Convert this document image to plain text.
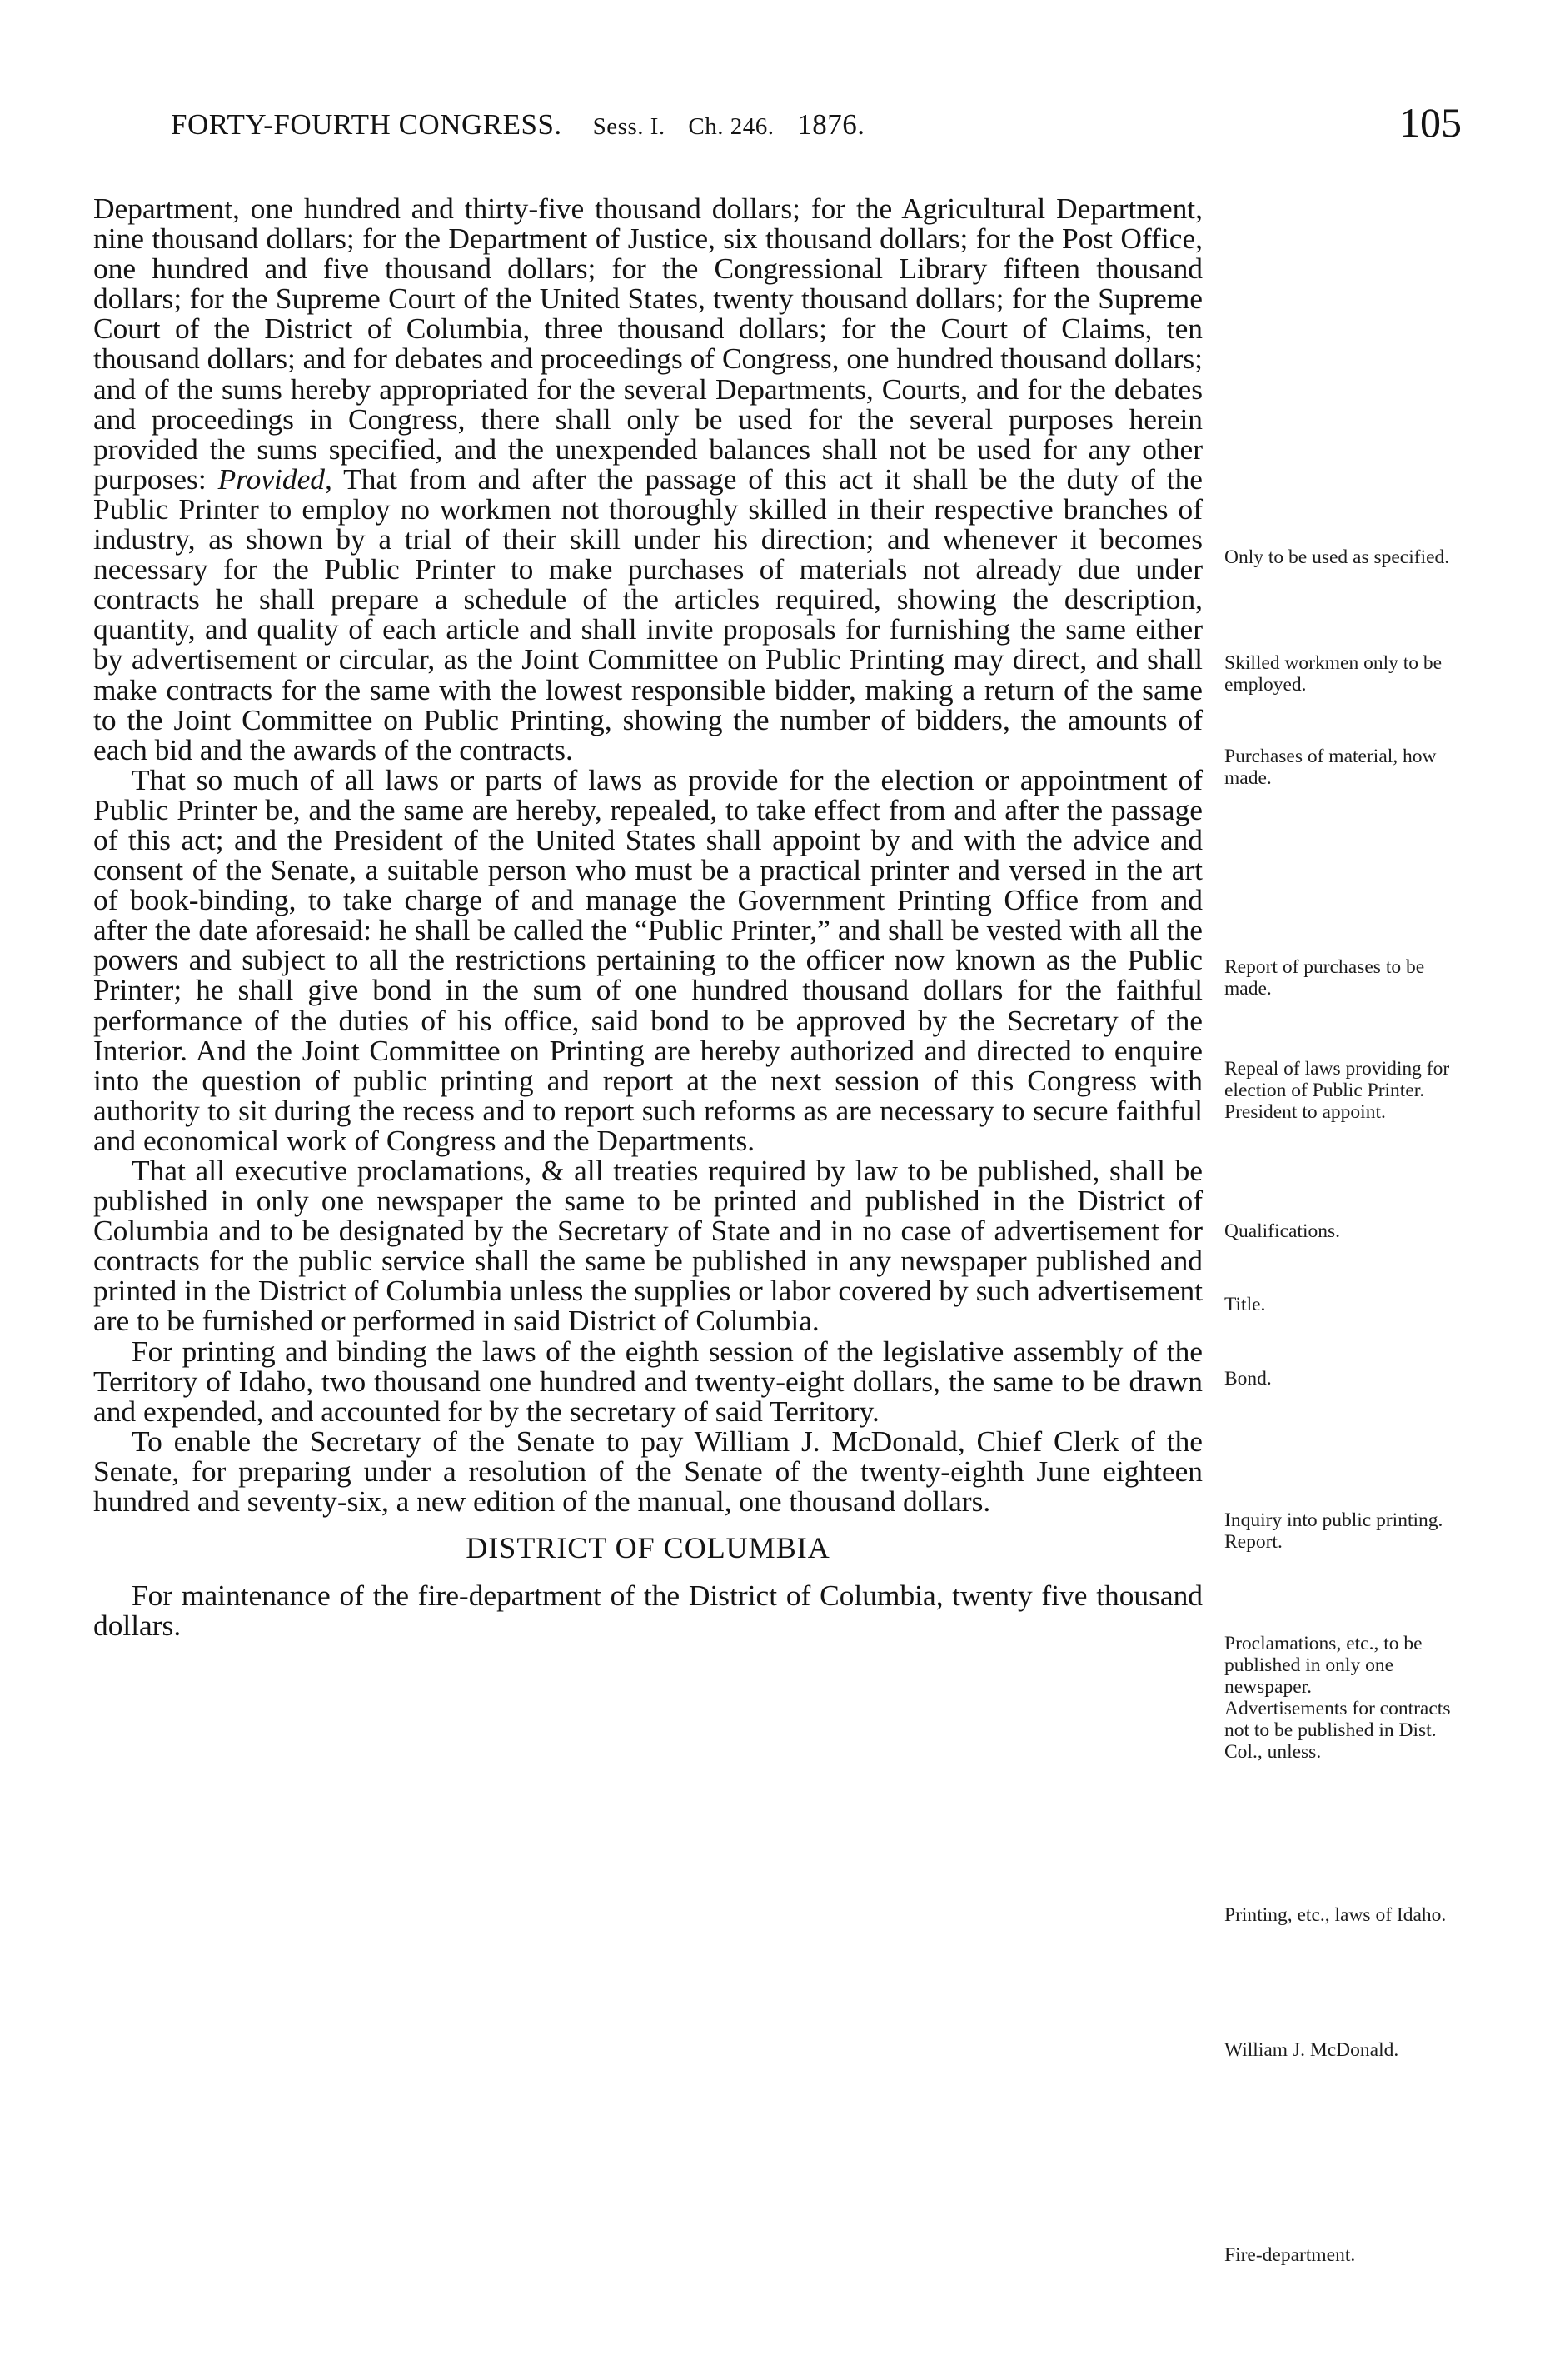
FORTY-FOURTH CONGRESS. Sess. I. Ch. 246. 1876.	105

Department, one hundred and thirty-five thousand dollars; for the Agricultural Department, nine thousand dollars; for the Department of Justice, six thousand dollars; for the Post Office, one hundred and five thousand dollars; for the Congressional Library fifteen thousand dollars; for the Supreme Court of the United States, twenty thousand dollars; for the Supreme Court of the District of Columbia, three thousand dollars; for the Court of Claims, ten thousand dollars; and for debates and proceedings of Congress, one hundred thousand dollars; and of the sums hereby appropriated for the several Departments, Courts, and for the debates and proceedings in Congress, there shall only be used for the several purposes herein provided the sums specified, and the unexpended balances shall not be used for any other purposes: Provided, That from and after the passage of this act it shall be the duty of the Public Printer to employ no workmen not thoroughly skilled in their respective branches of industry, as shown by a trial of their skill under his direction; and whenever it becomes necessary for the Public Printer to make purchases of materials not already due under contracts he shall prepare a schedule of the articles required, showing the description, quantity, and quality of each article and shall invite proposals for furnishing the same either by advertisement or circular, as the Joint Committee on Public Printing may direct, and shall make contracts for the same with the lowest responsible bidder, making a return of the same to the Joint Committee on Public Printing, showing the number of bidders, the amounts of each bid and the awards of the contracts.

That so much of all laws or parts of laws as provide for the election or appointment of Public Printer be, and the same are hereby, repealed, to take effect from and after the passage of this act; and the President of the United States shall appoint by and with the advice and consent of the Senate, a suitable person who must be a practical printer and versed in the art of book-binding, to take charge of and manage the Government Printing Office from and after the date aforesaid: he shall be called the “Public Printer,” and shall be vested with all the powers and subject to all the restrictions pertaining to the officer now known as the Public Printer; he shall give bond in the sum of one hundred thousand dollars for the faithful performance of the duties of his office, said bond to be approved by the Secretary of the Interior. And the Joint Committee on Printing are hereby authorized and directed to enquire into the question of public printing and report at the next session of this Congress with authority to sit during the recess and to report such reforms as are necessary to secure faithful and economical work of Congress and the Departments.

That all executive proclamations, & all treaties required by law to be published, shall be published in only one newspaper the same to be printed and published in the District of Columbia and to be designated by the Secretary of State and in no case of advertisement for contracts for the public service shall the same be published in any newspaper published and printed in the District of Columbia unless the supplies or labor covered by such advertisement are to be furnished or performed in said District of Columbia.

For printing and binding the laws of the eighth session of the legislative assembly of the Territory of Idaho, two thousand one hundred and twenty-eight dollars, the same to be drawn and expended, and accounted for by the secretary of said Territory.

To enable the Secretary of the Senate to pay William J. McDonald, Chief Clerk of the Senate, for preparing under a resolution of the Senate of the twenty-eighth June eighteen hundred and seventy-six, a new edition of the manual, one thousand dollars.

DISTRICT OF COLUMBIA

For maintenance of the fire-department of the District of Columbia, twenty five thousand dollars.

Only to be used as specified.

Skilled workmen only to be employed.

Purchases of material, how made.

Report of purchases to be made.

Repeal of laws providing for election of Public Printer.

President to appoint.

Qualifications.

Title.

Bond.

Inquiry into public printing.

Report.

Proclamations, etc., to be published in only one newspaper.

Advertisements for contracts not to be published in Dist. Col., unless.

Printing, etc., laws of Idaho.

William J. McDonald.

Fire-department.
